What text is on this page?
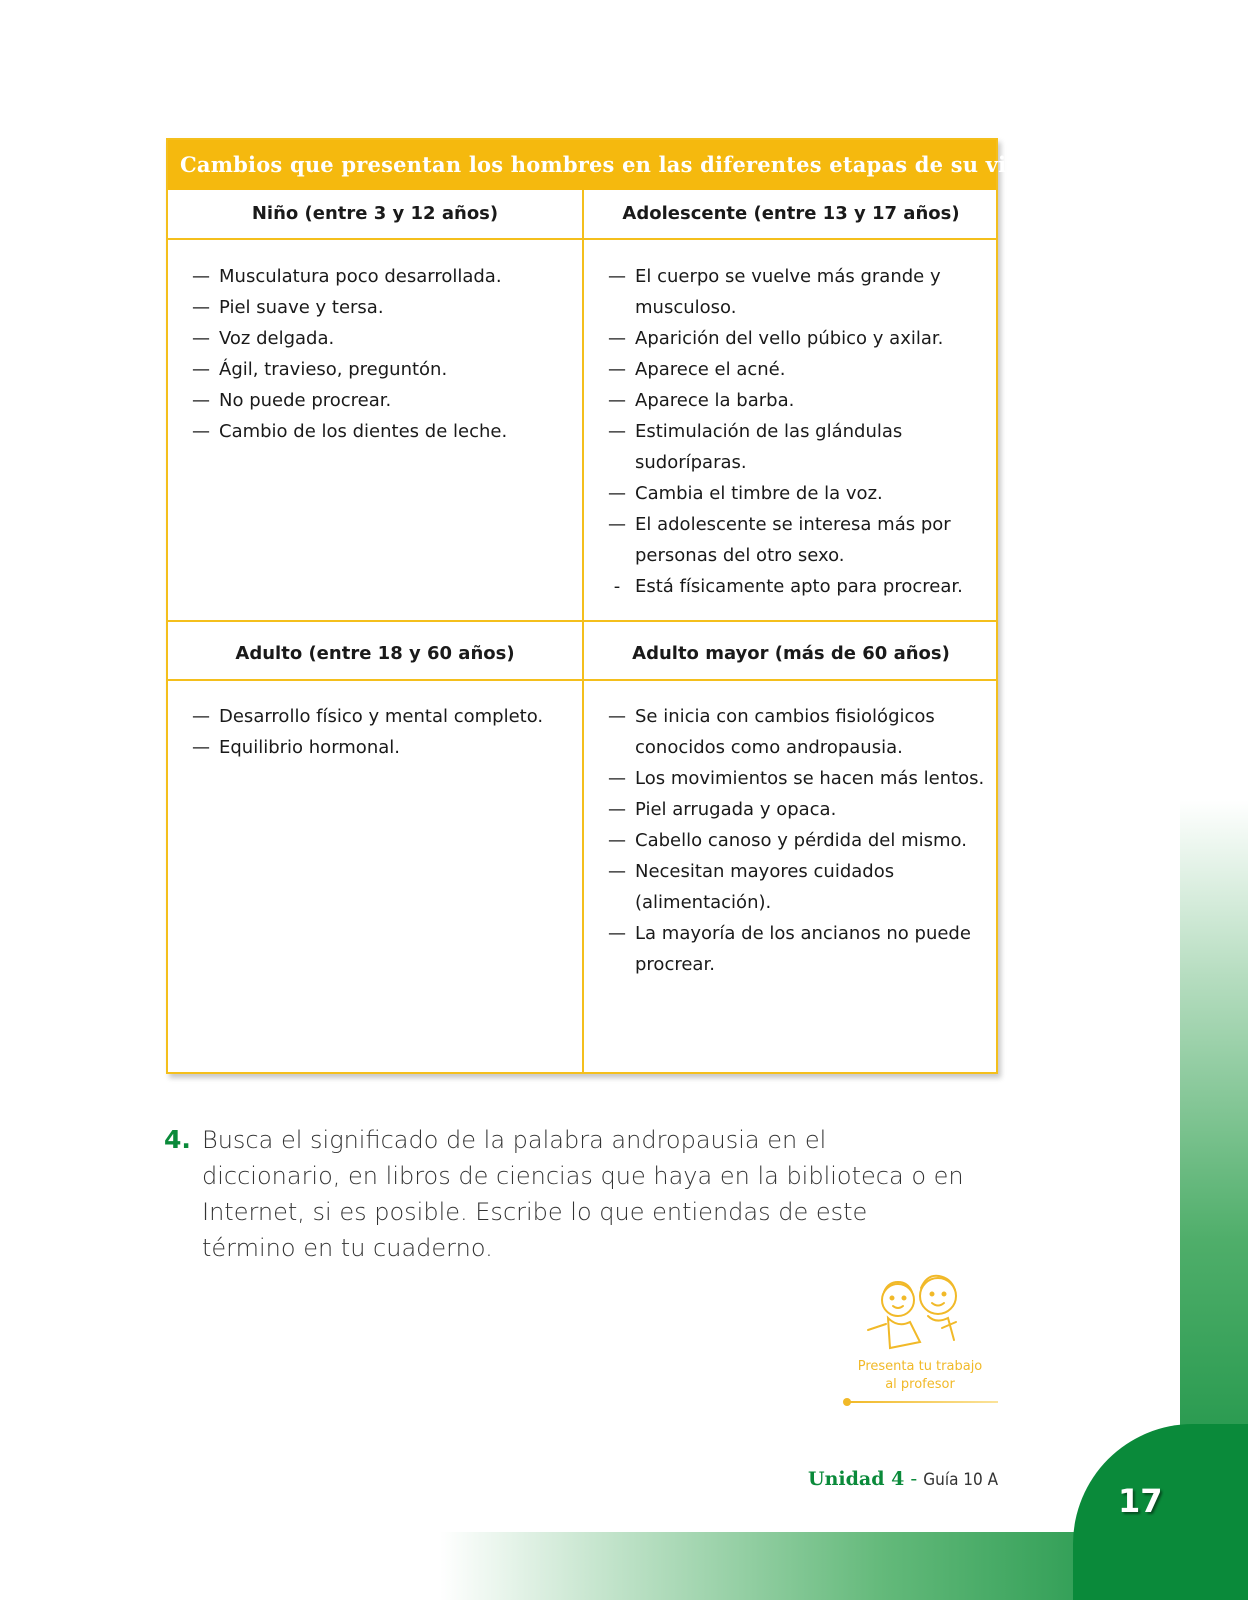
17
Cambios que presentan los hombres en las diferentes etapas de su vida
Niño (entre 3 y 12 años)	Adolescente (entre 13 y 17 años)
— Musculatura poco desarrollada.
— Piel suave y tersa.
— Voz delgada.
— Ágil, travieso, preguntón.
— No puede procrear.
— Cambio de los dientes de leche.
— El cuerpo se vuelve más grande y musculoso.
— Aparición del vello púbico y axilar.
— Aparece el acné.
— Aparece la barba.
— Estimulación de las glándulas sudoríparas.
— Cambia el timbre de la voz.
— El adolescente se interesa más por personas del otro sexo.
- Está físicamente apto para procrear.
Adulto (entre 18 y 60 años)	Adulto mayor (más de 60 años)
— Desarrollo físico y mental completo.
— Equilibrio hormonal.
— Se inicia con cambios fisiológicos conocidos como andropausia.
— Los movimientos se hacen más lentos.
— Piel arrugada y opaca.
— Cabello canoso y pérdida del mismo.
— Necesitan mayores cuidados (alimentación).
— La mayoría de los ancianos no puede procrear.
4. Busca el significado de la palabra andropausia en el diccionario, en libros de ciencias que haya en la biblioteca o en Internet, si es posible. Escribe lo que entiendas de este término en tu cuaderno.
Presenta tu trabajo
al profesor
Unidad 4 - Guía 10 A
